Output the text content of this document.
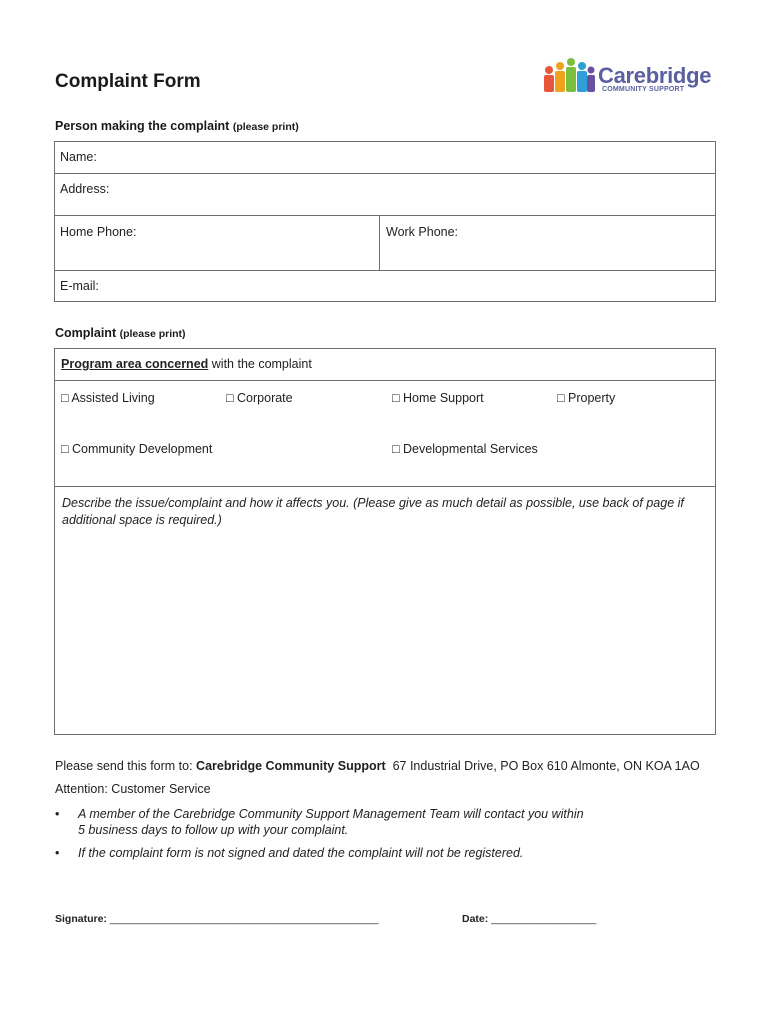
Complaint Form	Carebridge
COMMUNITY SUPPORT
Person making the complaint (please print)
Name:
Address:
Home Phone:	Work Phone:
E-mail:
Complaint (please print)
Program area concerned with the complaint
□ Assisted Living	□ Corporate	□ Home Support	□ Property
□ Community Development	□ Developmental Services
Describe the issue/complaint and how it affects you. (Please give as much detail as possible, use back of page if additional space is required.)
Please send this form to: Carebridge Community Support  67 Industrial Drive, PO Box 610 Almonte, ON KOA 1AO
Attention: Customer Service
• A member of the Carebridge Community Support Management Team will contact you within 5 business days to follow up with your complaint.
• If the complaint form is not signed and dated the complaint will not be registered.
Signature: ______________________________________________	Date: __________________
